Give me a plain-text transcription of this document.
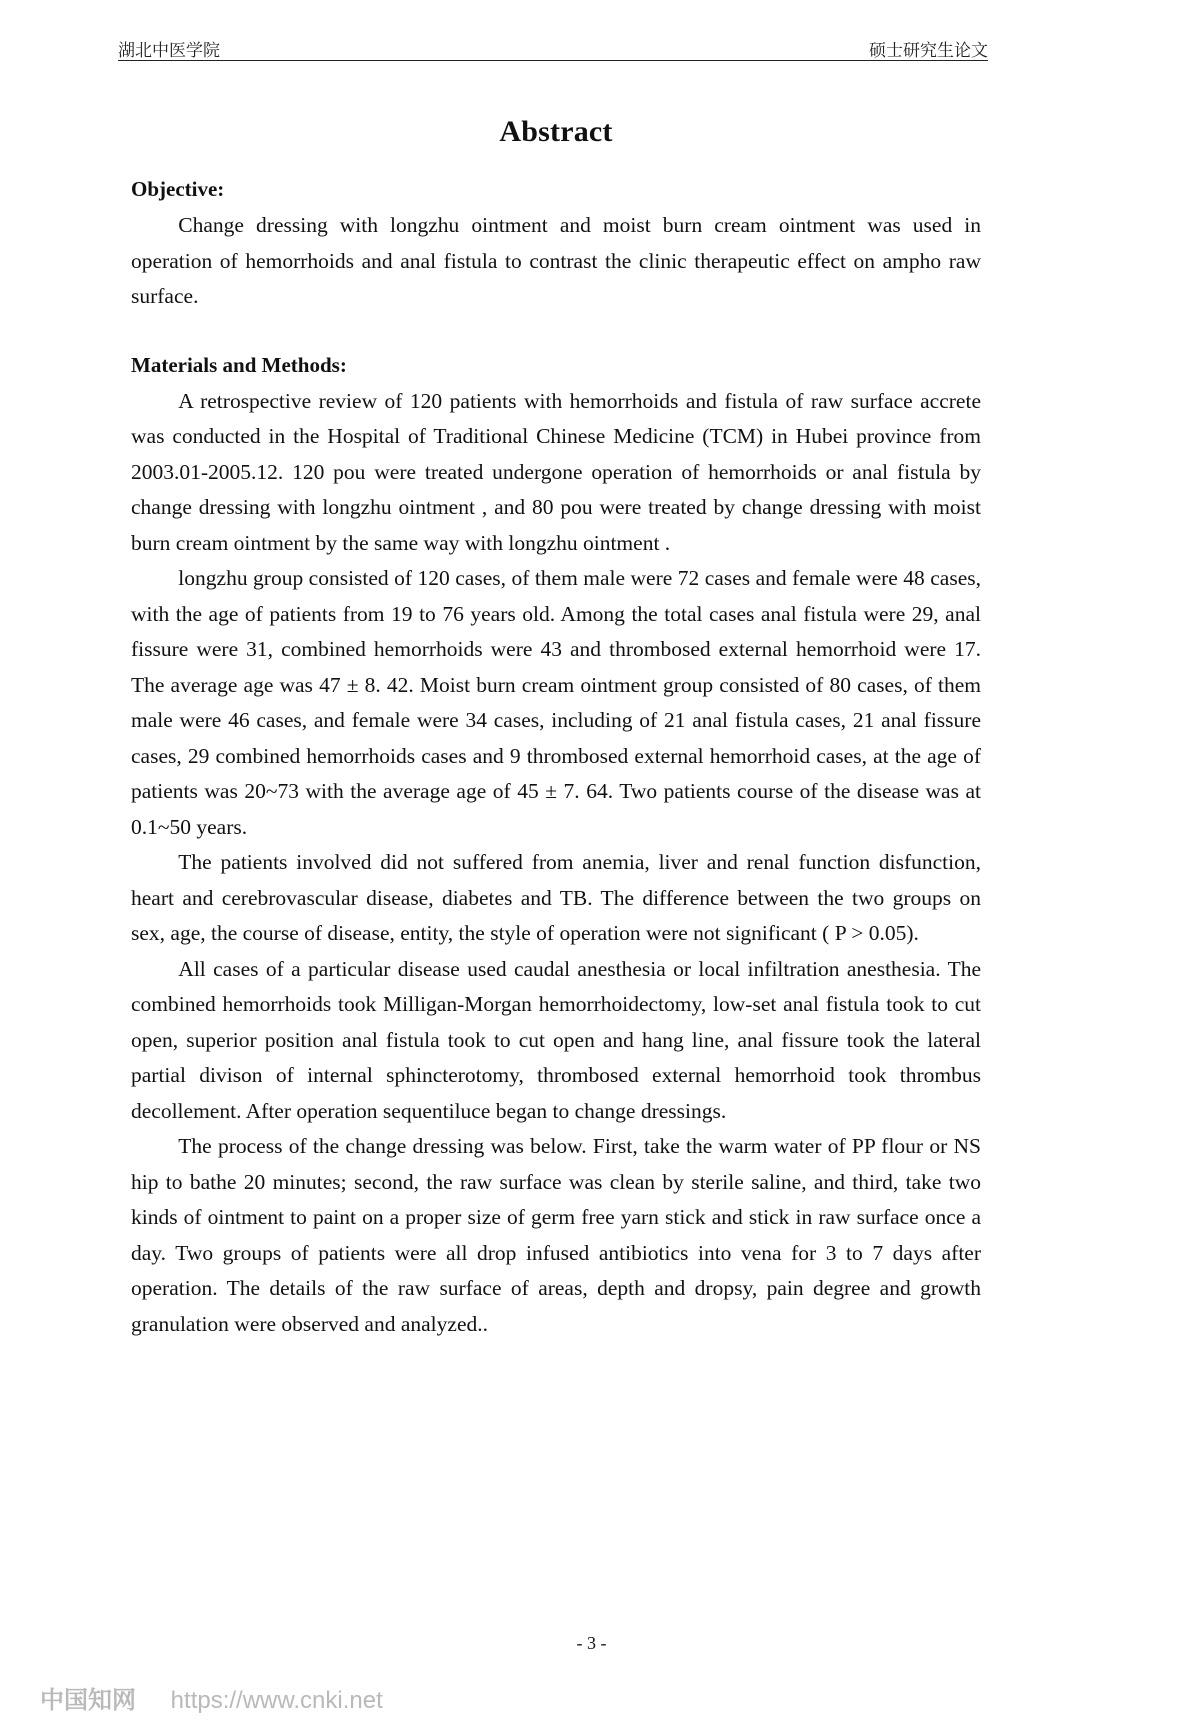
湖北中医学院	硕士研究生论文
Abstract
Objective:

Change dressing with longzhu ointment and moist burn cream ointment was used in operation of hemorrhoids and anal fistula to contrast the clinic therapeutic effect on ampho raw surface.

Materials and Methods:

A retrospective review of 120 patients with hemorrhoids and fistula of raw surface accrete was conducted in the Hospital of Traditional Chinese Medicine (TCM) in Hubei province from 2003.01-2005.12. 120 pou were treated undergone operation of hemorrhoids or anal fistula by change dressing with longzhu ointment , and 80 pou were treated by change dressing with moist burn cream ointment by the same way with longzhu ointment .

longzhu group consisted of 120 cases, of them male were 72 cases and female were 48 cases, with the age of patients from 19 to 76 years old. Among the total cases anal fistula were 29, anal fissure were 31, combined hemorrhoids were 43 and thrombosed external hemorrhoid were 17. The average age was 47 ± 8. 42. Moist burn cream ointment group consisted of 80 cases, of them male were 46 cases, and female were 34 cases, including of 21 anal fistula cases, 21 anal fissure cases, 29 combined hemorrhoids cases and 9 thrombosed external hemorrhoid cases, at the age of patients was 20~73 with the average age of 45 ± 7. 64. Two patients course of the disease was at 0.1~50 years.

The patients involved did not suffered from anemia, liver and renal function disfunction, heart and cerebrovascular disease, diabetes and TB. The difference between the two groups on sex, age, the course of disease, entity, the style of operation were not significant ( P > 0.05).

All cases of a particular disease used caudal anesthesia or local infiltration anesthesia. The combined hemorrhoids took Milligan-Morgan hemorrhoidectomy, low-set anal fistula took to cut open, superior position anal fistula took to cut open and hang line, anal fissure took the lateral partial divison of internal sphincterotomy, thrombosed external hemorrhoid took thrombus decollement. After operation sequentiluce began to change dressings.

The process of the change dressing was below. First, take the warm water of PP flour or NS hip to bathe 20 minutes; second, the raw surface was clean by sterile saline, and third, take two kinds of ointment to paint on a proper size of germ free yarn stick and stick in raw surface once a day. Two groups of patients were all drop infused antibiotics into vena for 3 to 7 days after operation. The details of the raw surface of areas, depth and dropsy, pain degree and growth granulation were observed and analyzed..

- 3 -
中国知网 https://www.cnki.net
